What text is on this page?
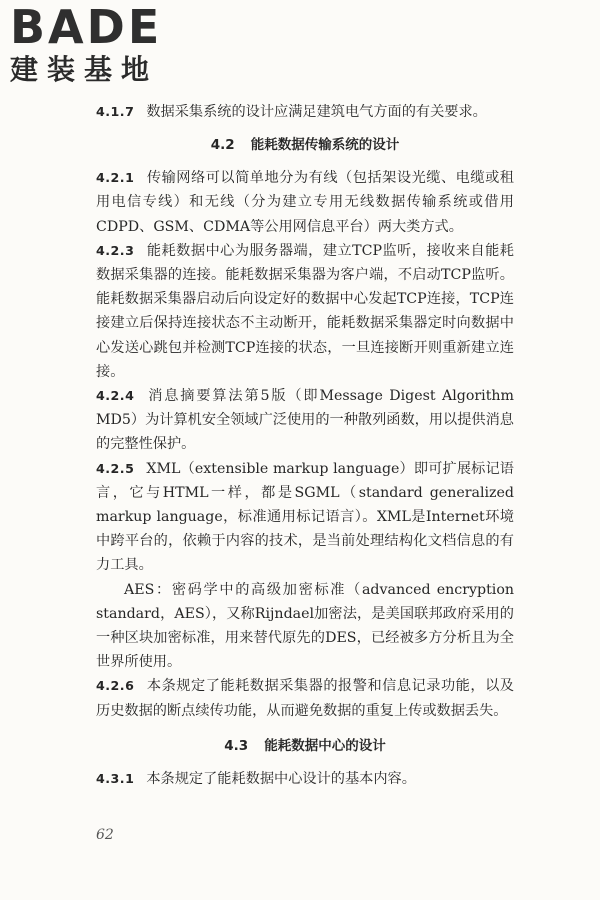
BADE
建装基地

4.1.7 数据采集系统的设计应满足建筑电气方面的有关要求。

4.2 能耗数据传输系统的设计

4.2.1 传输网络可以简单地分为有线（包括架设光缆、电缆或租用电信专线）和无线（分为建立专用无线数据传输系统或借用CDPD、GSM、CDMA等公用网信息平台）两大类方式。

4.2.3 能耗数据中心为服务器端，建立TCP监听，接收来自能耗数据采集器的连接。能耗数据采集器为客户端，不启动TCP监听。能耗数据采集器启动后向设定好的数据中心发起TCP连接，TCP连接建立后保持连接状态不主动断开，能耗数据采集器定时向数据中心发送心跳包并检测TCP连接的状态，一旦连接断开则重新建立连接。

4.2.4 消息摘要算法第5版（即Message Digest Algorithm MD5）为计算机安全领域广泛使用的一种散列函数，用以提供消息的完整性保护。

4.2.5 XML（extensible markup language）即可扩展标记语言，它与HTML一样，都是SGML（standard generalized markup language，标准通用标记语言）。XML是Internet环境中跨平台的，依赖于内容的技术，是当前处理结构化文档信息的有力工具。

AES：密码学中的高级加密标准（advanced encryption standard，AES），又称Rijndael加密法，是美国联邦政府采用的一种区块加密标准，用来替代原先的DES，已经被多方分析且为全世界所使用。

4.2.6 本条规定了能耗数据采集器的报警和信息记录功能，以及历史数据的断点续传功能，从而避免数据的重复上传或数据丢失。

4.3 能耗数据中心的设计

4.3.1 本条规定了能耗数据中心设计的基本内容。

62
